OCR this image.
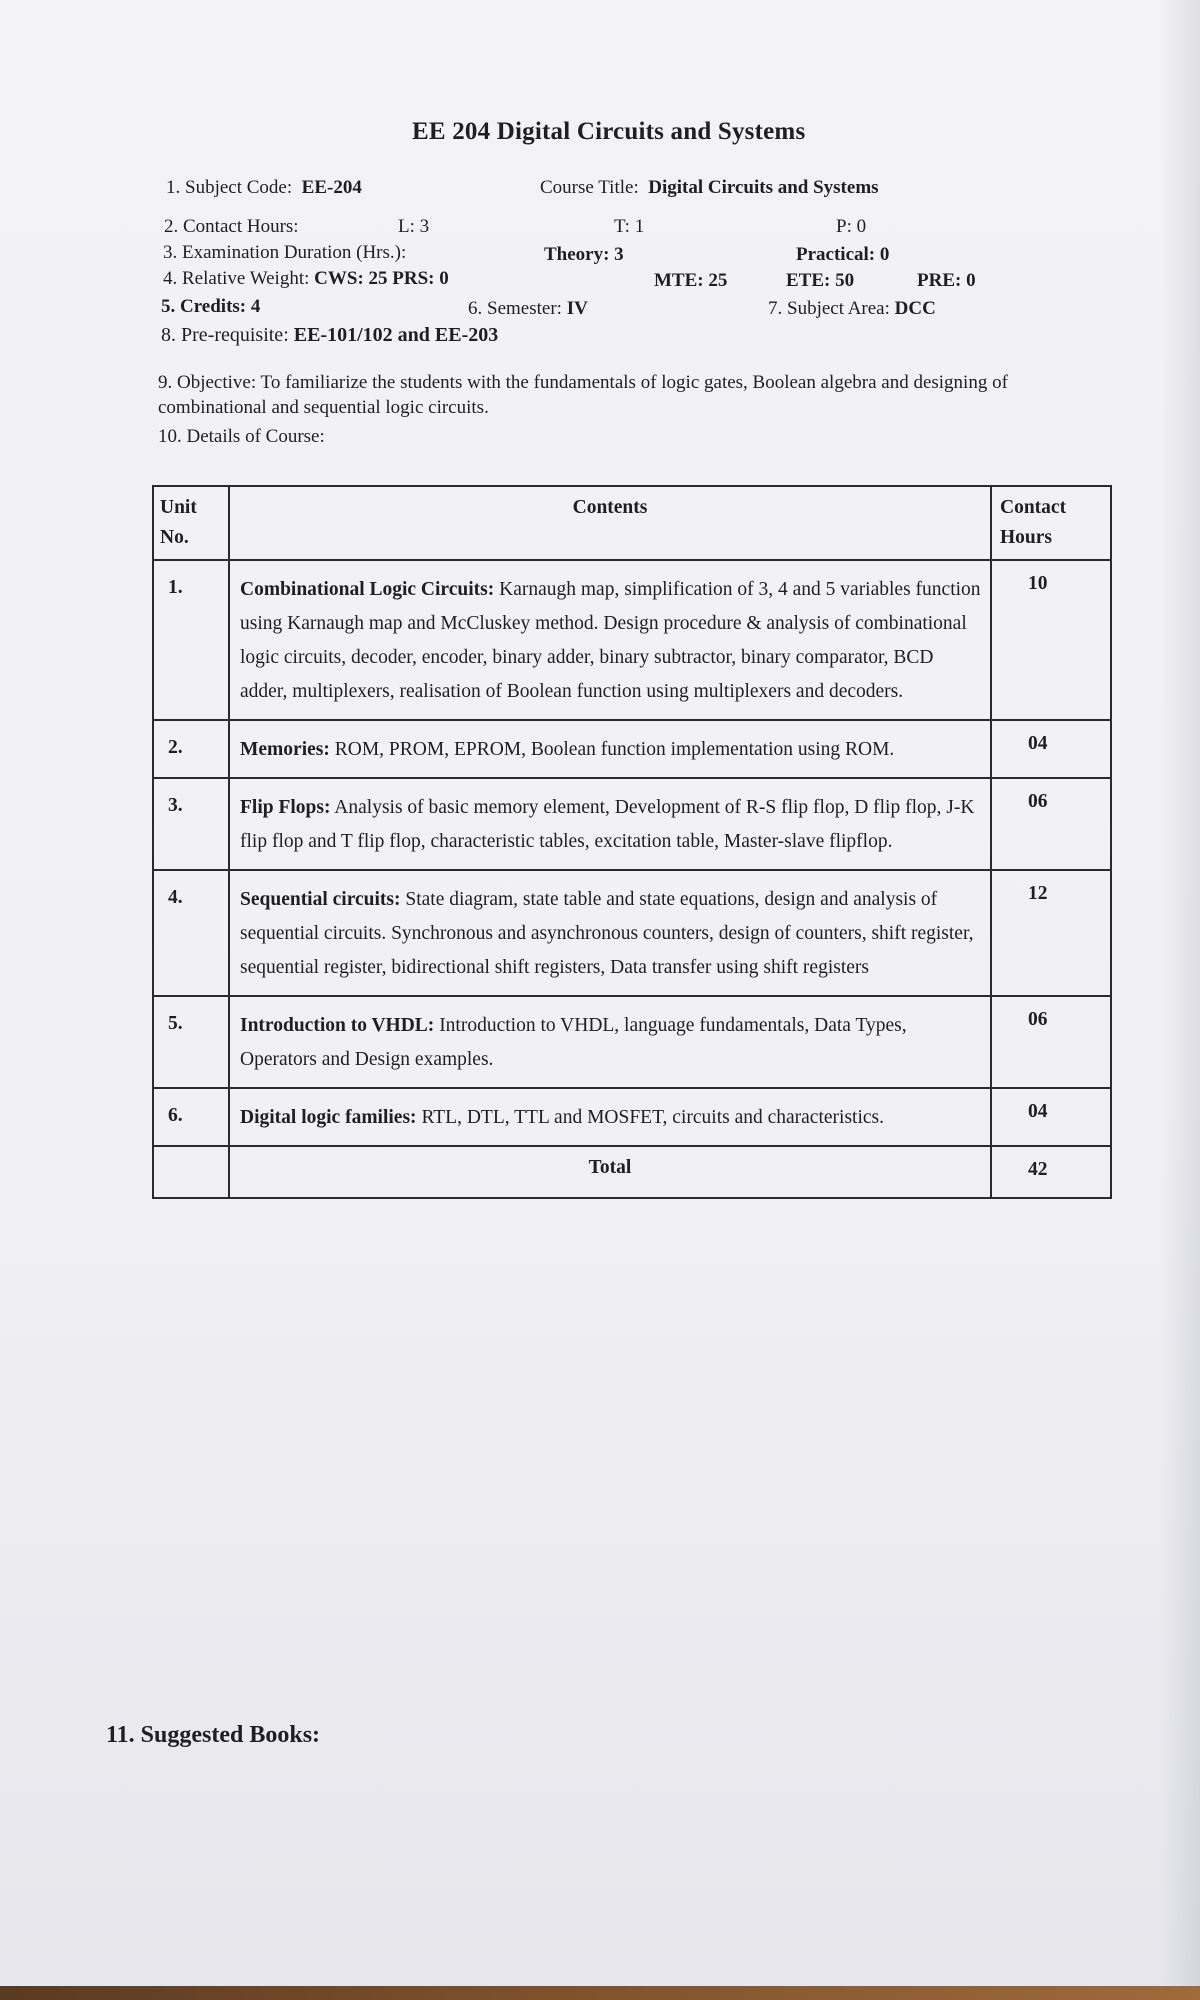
EE 204 Digital Circuits and Systems
1. Subject Code: EE-204	Course Title: Digital Circuits and Systems
2. Contact Hours:	L: 3	T: 1	P: 0
3. Examination Duration (Hrs.):	Theory: 3	Practical: 0
4. Relative Weight: CWS: 25 PRS: 0	MTE: 25	ETE: 50	PRE: 0
5. Credits: 4	6. Semester: IV	7. Subject Area: DCC
8. Pre-requisite: EE-101/102 and EE-203
9. Objective: To familiarize the students with the fundamentals of logic gates, Boolean algebra and designing of combinational and sequential logic circuits.
10. Details of Course:
Unit No.	Contents	Contact Hours
1.	Combinational Logic Circuits: Karnaugh map, simplification of 3, 4 and 5 variables function using Karnaugh map and McCluskey method. Design procedure & analysis of combinational logic circuits, decoder, encoder, binary adder, binary subtractor, binary comparator, BCD adder, multiplexers, realisation of Boolean function using multiplexers and decoders.	10
2.	Memories: ROM, PROM, EPROM, Boolean function implementation using ROM.	04
3.	Flip Flops: Analysis of basic memory element, Development of R-S flip flop, D flip flop, J-K flip flop and T flip flop, characteristic tables, excitation table, Master-slave flipflop.	06
4.	Sequential circuits: State diagram, state table and state equations, design and analysis of sequential circuits. Synchronous and asynchronous counters, design of counters, shift register, sequential register, bidirectional shift registers, Data transfer using shift registers	12
5.	Introduction to VHDL: Introduction to VHDL, language fundamentals, Data Types, Operators and Design examples.	06
6.	Digital logic families: RTL, DTL, TTL and MOSFET, circuits and characteristics.	04
	Total	42
11. Suggested Books:
